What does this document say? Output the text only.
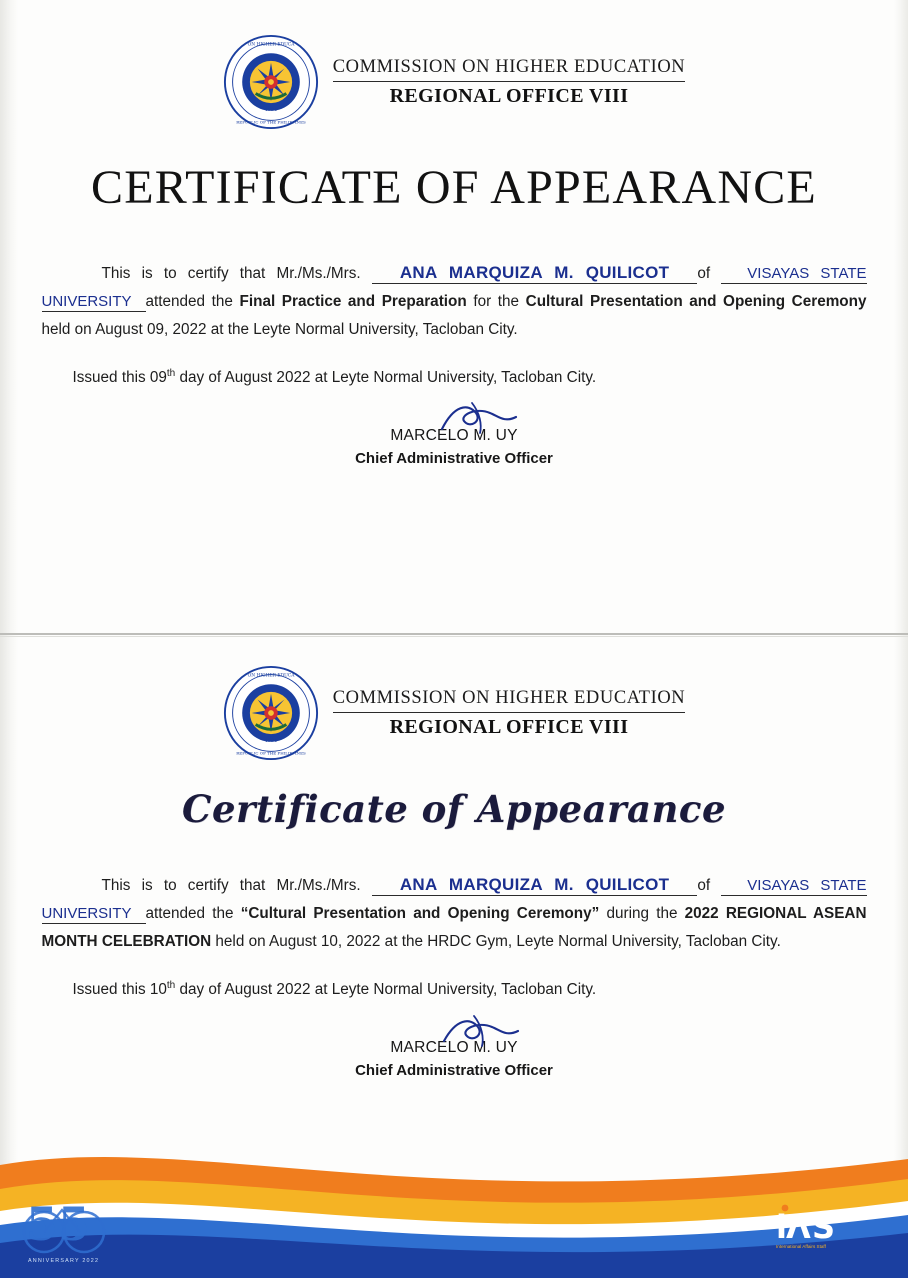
1994
ON HIGHER EDUCA
REPUBLIC OF THE PHILIPPINES
COMMISSION ON HIGHER EDUCATION
REGIONAL OFFICE VIII
CERTIFICATE OF APPEARANCE
This is to certify that Mr./Ms./Mrs. ANA MARQUIZA M. QUILICOT of VISAYAS STATE UNIVERSITY attended the Final Practice and Preparation for the Cultural Presentation and Opening Ceremony held on August 09, 2022 at the Leyte Normal University, Tacloban City.
Issued this 09th day of August 2022 at Leyte Normal University, Tacloban City.
MARCELO M. UY
Chief Administrative Officer
1994
ON HIGHER EDUCA
REPUBLIC OF THE PHILIPPINES
COMMISSION ON HIGHER EDUCATION
REGIONAL OFFICE VIII
Certificate of Appearance
This is to certify that Mr./Ms./Mrs. ANA MARQUIZA M. QUILICOT of VISAYAS STATE UNIVERSITY attended the “Cultural Presentation and Opening Ceremony” during the 2022 REGIONAL ASEAN MONTH CELEBRATION held on August 10, 2022 at the HRDC Gym, Leyte Normal University, Tacloban City.
Issued this 10th day of August 2022 at Leyte Normal University, Tacloban City.
MARCELO M. UY
Chief Administrative Officer
55
ANNIVERSARY 2022
i Λ S
International Affairs Staff
